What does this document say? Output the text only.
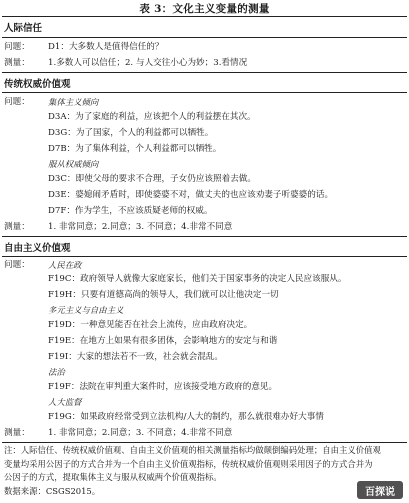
表 3：文化主义变量的测量
人际信任
问题： D1：大多数人是值得信任的？
测量： 1.多数人可以信任；2. 与人交往小心为妙；3.看情况
传统权威价值观
问题： 集体主义倾向
D3A：为了家庭的利益，应该把个人的利益摆在其次。
D3G：为了国家，个人的利益都可以牺牲。
D7B：为了集体利益，个人利益都可以牺牲。
服从权威倾向
D3C：即使父母的要求不合理，子女仍应该照着去做。
D3E：婆媳闹矛盾时，即使婆婆不对，做丈夫的也应该劝妻子听婆婆的话。
D7F：作为学生，不应该质疑老师的权威。
测量： 1. 非常同意；2.同意；3. 不同意；4.非常不同意
自由主义价值观
问题： 人民在政
F19C：政府领导人就像大家庭家长，他们关于国家事务的决定人民应该服从。
F19H：只要有道德高尚的领导人，我们就可以让他决定一切
多元主义与自由主义
F19D：一种意见能否在社会上流传，应由政府决定。
F19E：在地方上如果有很多团体，会影响地方的安定与和谐
F19I：大家的想法若不一致，社会就会混乱。
法治
F19F：法院在审判重大案件时，应该接受地方政府的意见。
人大监督
F19G：如果政府经常受到立法机构/人大的制约，那么就很难办好大事情
测量： 1. 非常同意；2.同意；3. 不同意；4.非常不同意
注：人际信任、传统权威价值观、自由主义价值观的相关测量指标均做颠倒编码处理；自由主义价值观
变量均采用公因子的方式合并为一个自由主义价值观指标，传统权威价值观则采用因子的方式合并为
公因子的方式，提取集体主义与服从权威两个价值观指标。
数据来源：CSGS2015。	百探说
